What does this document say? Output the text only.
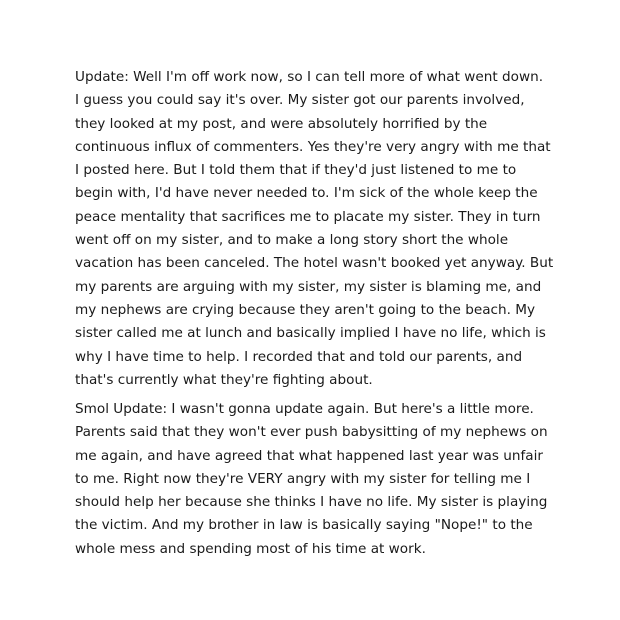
Update: Well I'm off work now, so I can tell more of what went down.
I guess you could say it's over. My sister got our parents involved,
they looked at my post, and were absolutely horrified by the
continuous influx of commenters. Yes they're very angry with me that
I posted here. But I told them that if they'd just listened to me to
begin with, I'd have never needed to. I'm sick of the whole keep the
peace mentality that sacrifices me to placate my sister. They in turn
went off on my sister, and to make a long story short the whole
vacation has been canceled. The hotel wasn't booked yet anyway. But
my parents are arguing with my sister, my sister is blaming me, and
my nephews are crying because they aren't going to the beach. My
sister called me at lunch and basically implied I have no life, which is
why I have time to help. I recorded that and told our parents, and
that's currently what they're fighting about.
Smol Update: I wasn't gonna update again. But here's a little more.
Parents said that they won't ever push babysitting of my nephews on
me again, and have agreed that what happened last year was unfair
to me. Right now they're VERY angry with my sister for telling me I
should help her because she thinks I have no life. My sister is playing
the victim. And my brother in law is basically saying "Nope!" to the
whole mess and spending most of his time at work.
